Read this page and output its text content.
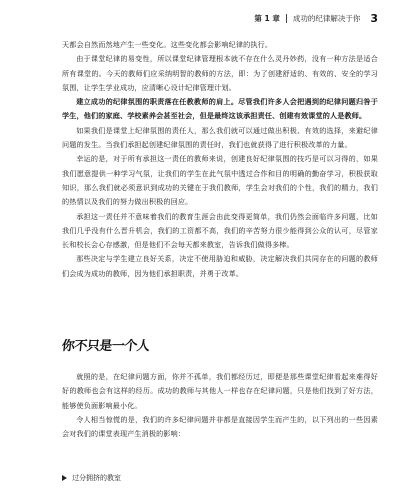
第 1 章 成功的纪律解决于你 3

天都会自然而然地产生一些变化。这些变化都会影响纪律的执行。

由于课堂纪律的易变性，所以课堂纪律管理根本就不存在什么灵丹妙药，没有一种方法是适合所有课堂的。今天的教师们应采纳明智的教师的方法，即：为了创建舒适的、有效的、安全的学习氛围，让学生学业成功，应清晰心设计纪律管理计划。

建立成功的纪律氛围的职责落在任教教师的肩上。尽管我们许多人会把遇到的纪律问题归咎于学生，他们的家庭、学校素养会甚至社会，但是最终这该承担责任、创建有效课堂的人是教师。

如果我们是课堂上纪律氛围的责任人，那么我们就可以通过做出积极、有效的选择，来避纪律问题的发生。当我们承担起创建纪律氛围的责任时，我们也就获得了进行积极改革的力量。

幸运的是，对于所有承担这一责任的教师来说，创建良好纪律氛围的技巧是可以习得的，如果我们愿意提供一种学习气氛，让我们的学生在此气氛中透过合作和目的明确的勤奋学习，积极获取知识，那么我们就必须意识到成功的关键在于我们教师，学生会对我们的个性，我们的精力，我们的热情以及我们的努力做出积极的回应。

承担这一责任并不意味着我们的教育生涯会由此变得更简单，我们仍然会面临许多问题，比如我们几乎没有什么晋升机会，我们的工资都不高，我们的辛苦努力很少能得到公众的认可，尽管家长和校长会心存感激，但是他们不会每天都来教室，告诉我们做得多棒。

那些决定与学生建立良好关系，决定不使用胁迫和威胁，决定解决我们共同存在的问题的教师们会成为成功的教师，因为他们承担职责，并勇于改革。

你不只是一个人

就照的是，在纪律问题方面，你并不孤单，我们都经历过，即便是那些课堂纪律看起来难得好好的教师也会有这样的经历。成功的教师与其他人一样也存在纪律问题，只是他们找到了好方法，能够使负面影响最小化。

令人相当惊慌的是，我们的许多纪律问题并非都是直接因学生而产生的，以下列出的一些因素会对我们的课堂表现产生消极的影响：

过分拥挤的教室
